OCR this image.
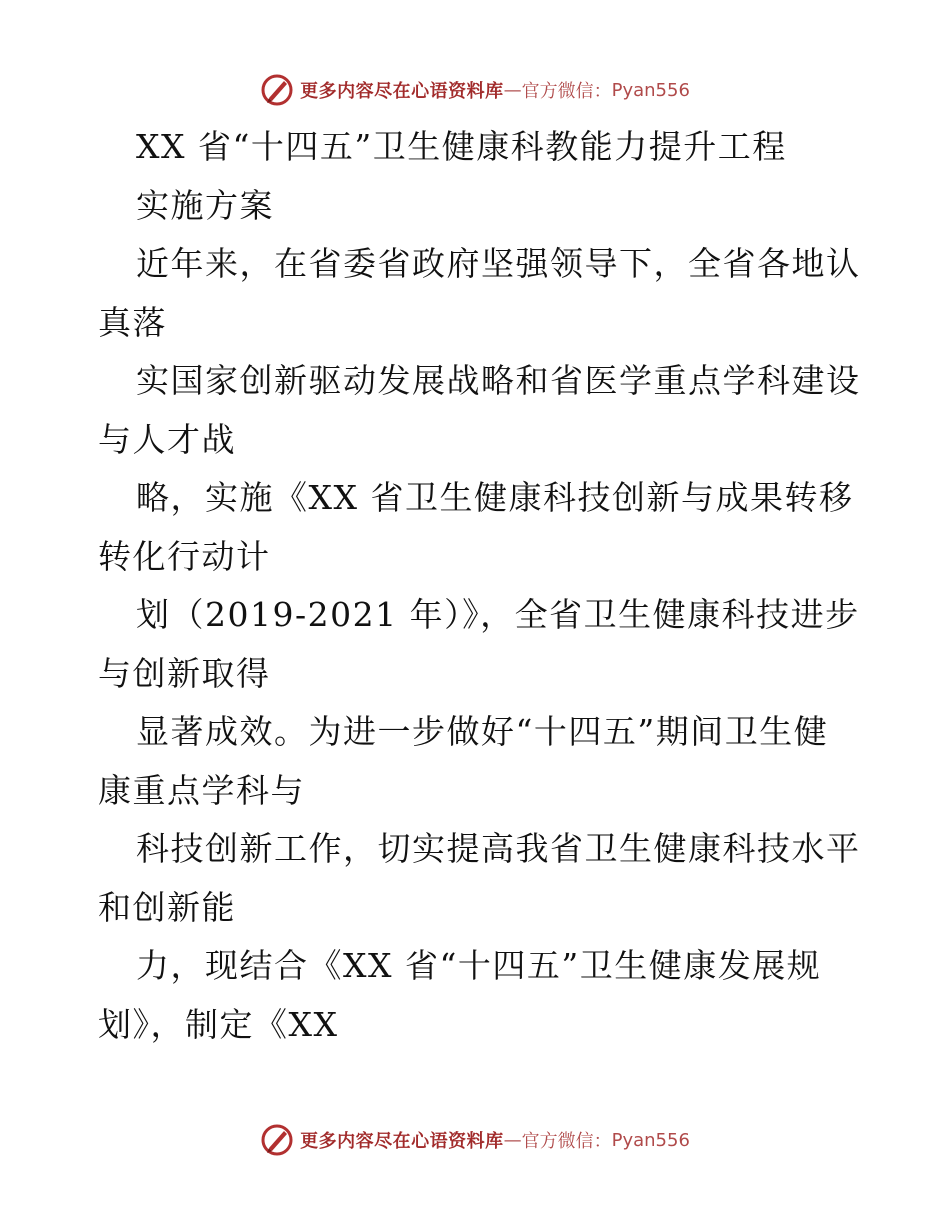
更多内容尽在心语资料库 — 官方微信： Pyan556
XX 省“十四五”卫生健康科教能力提升工程
实施方案
近年来，在省委省政府坚强领导下，全省各地认
真落
实国家创新驱动发展战略和省医学重点学科建设
与人才战
略，实施《XX 省卫生健康科技创新与成果转移
转化行动计
划（2019-2021 年）》，全省卫生健康科技进步
与创新取得
显著成效。为进一步做好“十四五”期间卫生健
康重点学科与
科技创新工作，切实提高我省卫生健康科技水平
和创新能
力，现结合《XX 省“十四五”卫生健康发展规
划》，制定《XX
更多内容尽在心语资料库 — 官方微信： Pyan556
